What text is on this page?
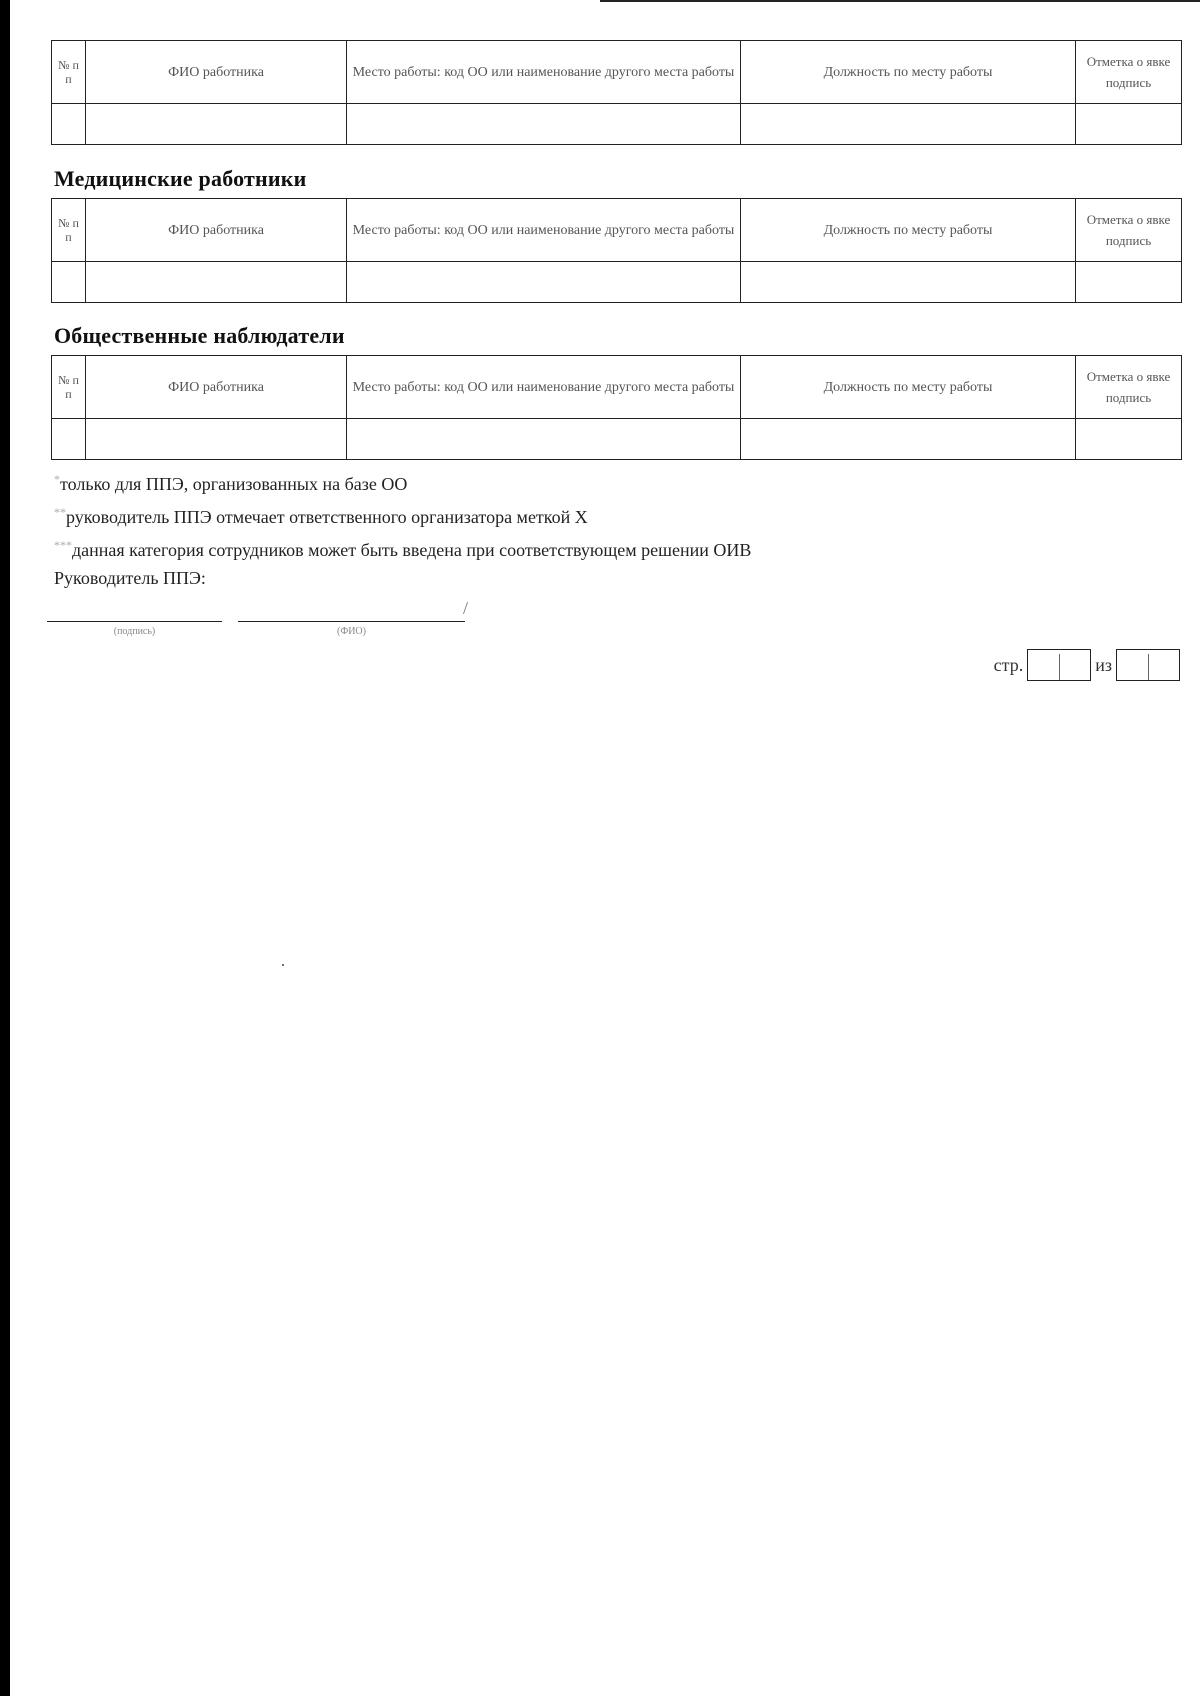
№ п п	ФИО работника	Место работы: код ОО или наименование другого места работы	Должность по месту работы	Отметка о явке подпись

Медицинские работники
№ п п	ФИО работника	Место работы: код ОО или наименование другого места работы	Должность по месту работы	Отметка о явке подпись

Общественные наблюдатели
№ п п	ФИО работника	Место работы: код ОО или наименование другого места работы	Должность по месту работы	Отметка о явке подпись

*только для ППЭ, организованных на базе ОО

**руководитель ППЭ отмечает ответственного организатора меткой Х

***данная категория сотрудников может быть введена при соответствующем решении ОИВ

Руководитель ППЭ:

(подпись)	(ФИО)
/
стр.	из
